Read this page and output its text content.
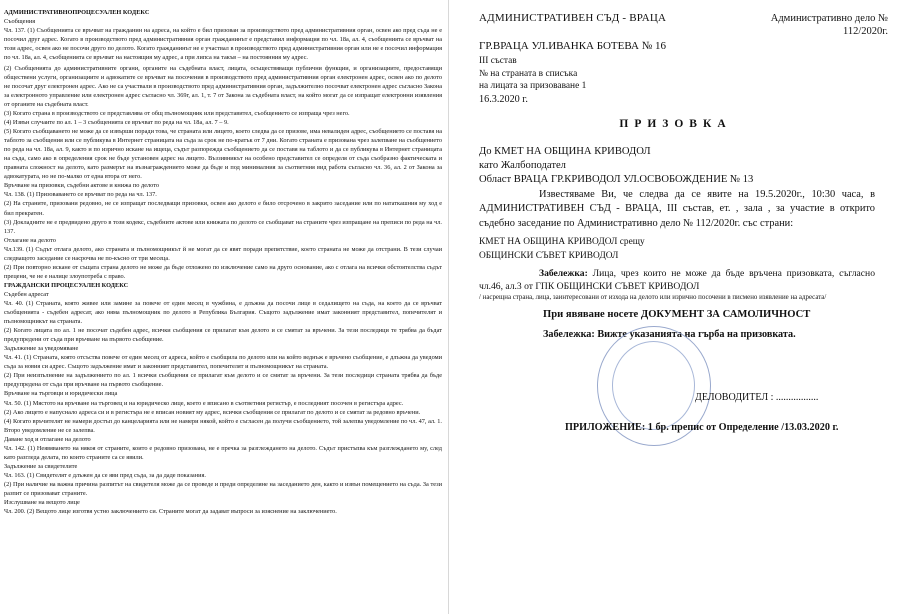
АДМИНИСТРАТИВНОПРОЦЕСУАЛЕН КОДЕКС

Съобщения

Чл. 137. (1) Съобщенията се връчват на гражданин на адреса, на който е бил призован за производството пред административния орган, освен ако пред съда не е посочил друг адрес. Когато в производството пред административния орган гражданинът е представил информация по чл. 18а, ал. 4, съобщенията се връчват на този адрес, освен ако не посочи друго по делото. Когато гражданинът не е участвал в производството пред административния орган или не е посочил информация по чл. 18а, ал. 4, съобщенията се връчват на настоящия му адрес, а при липса на такъв – на постоянния му адрес.

(2) Съобщенията до административните органи, органите на съдебната власт, лицата, осъществяващи публични функции, и организациите, предоставящи обществени услуги, организациите и адвокатите се връчват на посочения в производството пред административния орган електронен адрес, освен ако по делото не посочат друг електронен адрес. Ако не са участвали в производството пред административния орган, задължително посочват електронен адрес съгласно Закона за електронното управление или електронен адрес съгласно чл. 369г, ал. 1, т. 7 от Закона за съдебната власт, на който могат да се изпращат електронни изявления от органите на съдебната власт.

(3) Когато страна в производството се представлява от общ пълномощник или представител, съобщението се изпраща чрез него.

(4) Извън случаите по ал. 1 – 3 съобщенията се връчват по реда на чл. 18а, ал. 7 – 9.

(5) Когато съобщаването не може да се извърши поради това, че страната или лицето, което следва да се призове, има невалиден адрес, съобщението се поставя на таблото за съобщения или се публикува в Интернет страницата на съда за срок не по-кратък от 7 дни. Когато страната е призована чрез залепване на съобщението по реда на чл. 18а, ал. 9, както и по изрично искане на ищеца, съдът разпорежда съобщението да се поставя на таблото и да се публикува в Интернет страницата на съда, само ако в определения срок не бъде установен адрес на лицето. Въззивникът на особено представител се определя от съда съобразно фактическата и правната сложност на делото, като размерът на възнаграждението може да бъде и под минималния за съответния вид работа съгласно чл. 36, ал. 2 от Закона за адвокатурата, но не по-малко от една втора от него.

Връчване на призовки, съдебни актове и книжа по делото

Чл. 138. (1) Призоваването се връчват по реда на чл. 137.

(2) На страните, призовани редовно, не се изпращат последващи призовки, освен ако делото е било отсрочено в закрито заседание или по нататкашния му ход е бил прекратен.

(3) Докладните не е предвидено друго в този кодекс, съдебните актове или книжата по делото се съобщават на страните чрез изпращане на преписи по реда на чл. 137.

Отлагане на делото

Чл.139. (1) Съдът отлага делото, ако страната и пълномощникът й не могат да се явят поради препятствие, което страната не може да отстрани. В тези случаи следващото заседание се насрочва не по-късно от три месеца.

(2) При повторно искане от същата страна делото не може да бъде отложено по изключение само на друго основание, ако с отлага на всички обстоятелства съдът прецени, че не е налице злоупотреба с право.

ГРАЖДАНСКИ ПРОЦЕСУАЛЕН КОДЕКС

Съдебен адресат

Чл. 40. (1) Страната, която живее или замине за повече от един месец в чужбина, е длъжна да посочи лице в седалището на съда, на което да се връчват съобщенията - съдебен адресат, ако няма пълномощник по делото в Република България. Същото задължение имат законният представител, попечителят и пълномощникът на страната.

(2) Когато лицата по ал. 1 не посочат съдебен адрес, всички съобщения се прилагат към делото и се смятат за връчени. За тези последици те трябва да бъдат предупредени от съда при връчване на първото съобщение.

Задължение за уведомяване

Чл. 41. (1) Страната, която отсъства повече от един месец от адреса, който е съобщила по делото или на който веднъж е връчено съобщение, е длъжна да уведоми съда за новия си адрес. Същото задължение имат и законният представител, попечителят и пълномощникът на страната.

(2) При неизпълнение на задължението по ал. 1 всички съобщения се прилагат към делото и се смятат за връчени. За тези последици страната трябва да бъде предупредена от съда при връчване на първото съобщение.

Връчване на търговци и юридически лица

Чл. 50. (1) Мястото на връчване на търговец и на юридическо лице, което е вписано в съответния регистър, е последният посочен в регистъра адрес.

(2) Ако лицето е напуснало адреса си и в регистъра не е вписан новият му адрес, всички съобщения се прилагат по делото и се смятат за редовно връчени.

(4) Когато връчителят не намери достъп до канцеларията или не намери някой, който е съгласен да получи съобщението, той залепва уведомление по чл. 47, ал. 1. Второ уведомление не се залепва.

Даване ход и отлагане на делото

Чл. 142. (1) Неявяването на някоя от страните, които е редовно призована, не е пречка за разглеждането на делото. Съдът пристъпва към разглеждането му, след като разгледа делата, по които страните са се явили.

Задължение за свидетелите

Чл. 163. (1) Свидетелят е длъжен да се яви пред съда, за да даде показания.

(2) При наличие на важна причина разпитът на свидетеля може да се проведе и преди определяне на заседанието ден, както и извън помещението на съда. За тези разпит се призовават страните.

Изслушване на вещото лице

Чл. 200. (2) Вещото лице изготвя устно заключението си. Страните могат да задават въпроси за изяснение на заключението.

АДМИНИСТРАТИВЕН СЪД - ВРАЦА	Административно дело №
112/2020г.
ГР.ВРАЦА УЛ.ИВАНКА БОТЕВА № 16
III състав
№ на страната в списъка
на лицата за призоваване 1
16.3.2020 г.
ПРИЗОВКА
До КМЕТ НА ОБЩИНА КРИВОДОЛ
като Жалбоподател
Област ВРАЦА ГР.КРИВОДОЛ УЛ.ОСВОБОЖДЕНИЕ № 13
Известяваме Ви, че следва да се явите на 19.5.2020г., 10:30 часа, в АДМИНИСТРАТИВЕН СЪД - ВРАЦА, III състав, ет. , зала , за участие в открито съдебно заседание по Административно дело № 112/2020г. със страни:
КМЕТ НА ОБЩИНА КРИВОДОЛ срещу
ОБЩИНСКИ СЪВЕТ КРИВОДОЛ
Забележка: Лица, чрез които не може да бъде връчена призовката, съгласно чл.46, ал.3 от ГПК ОБЩИНСКИ СЪВЕТ КРИВОДОЛ
/ насрещна страна, лица, заинтересовани от изхода на делото или изрично посочени в писмено изявление на адресата/
При явяване носете ДОКУМЕНТ ЗА САМОЛИЧНОСТ
Забележка: Вижте указанията на гърба на призовката.
ДЕЛОВОДИТЕЛ : .................
ПРИЛОЖЕНИЕ: 1 бр. препис от Определение /13.03.2020 г.
